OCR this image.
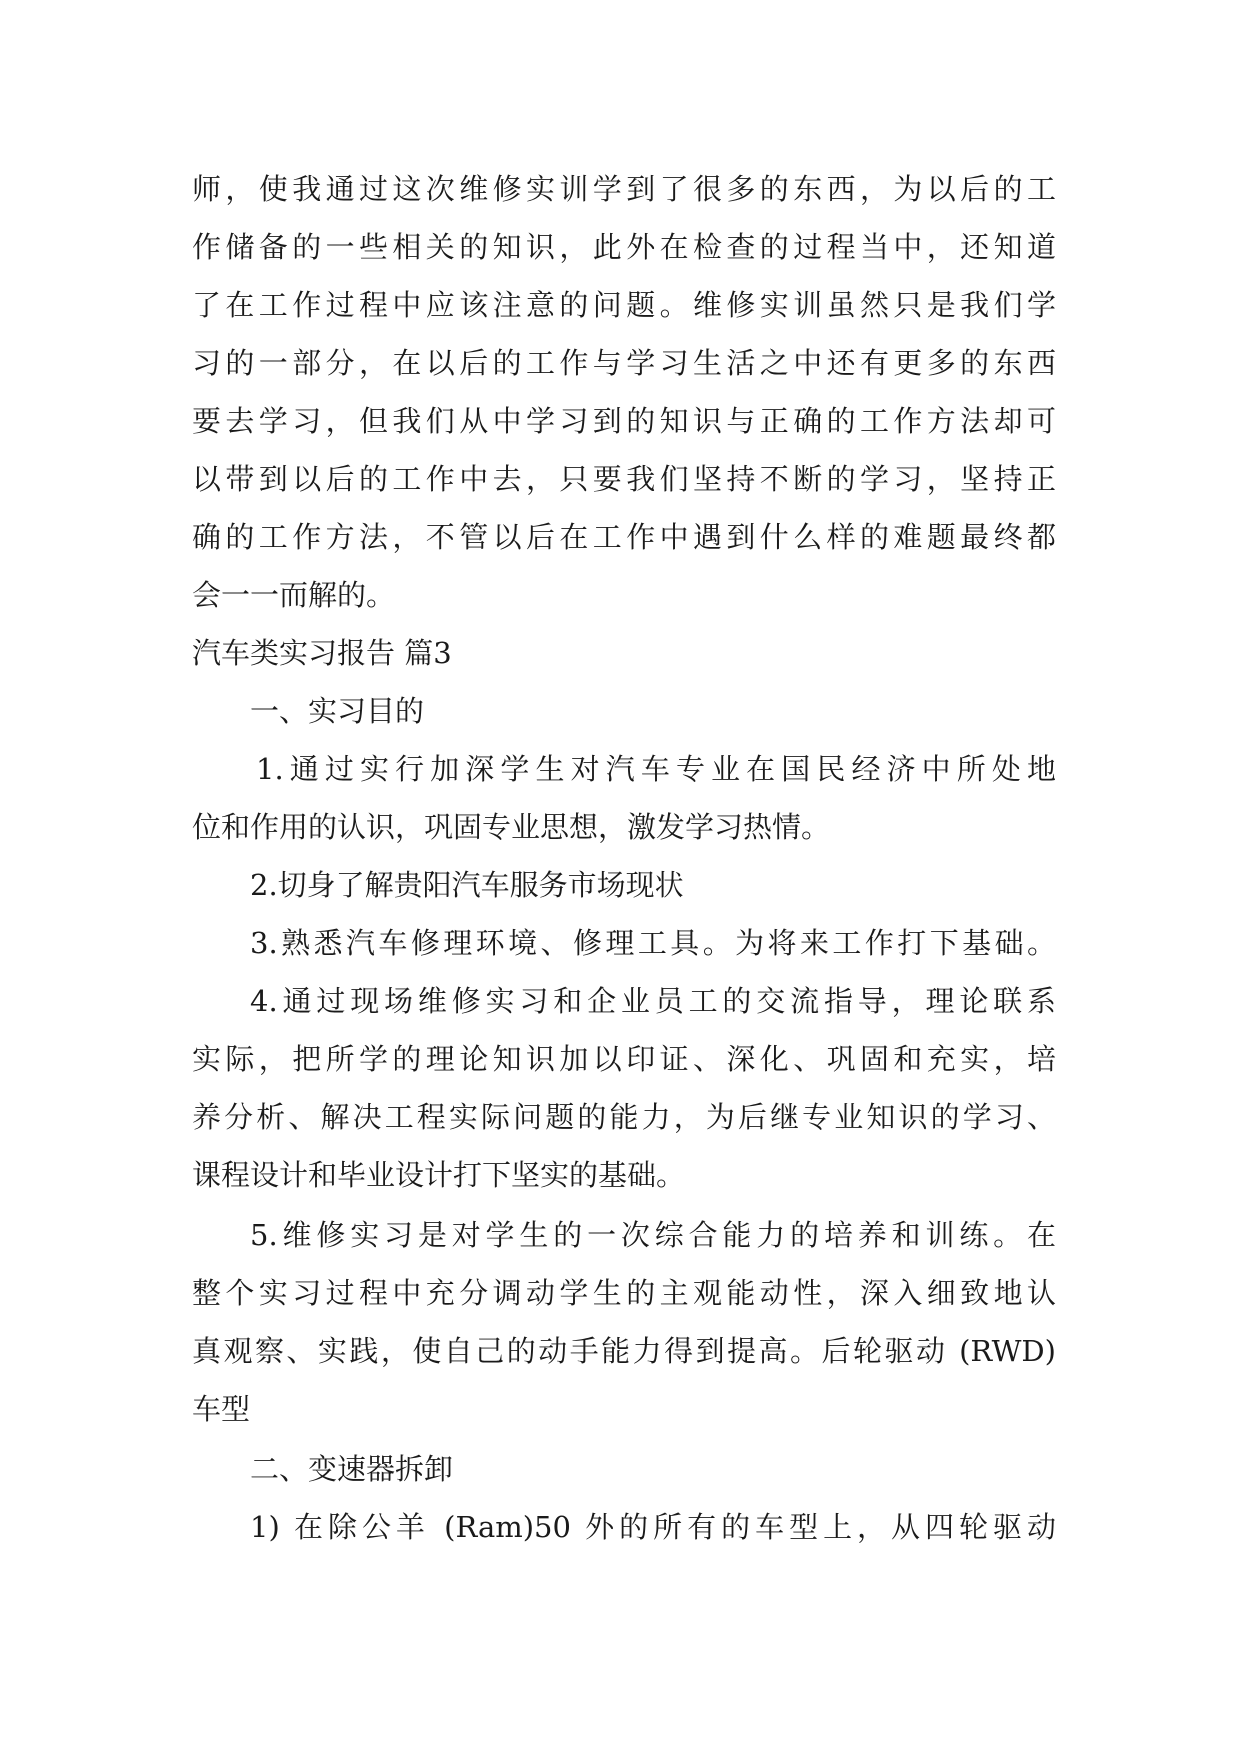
师，使我通过这次维修实训学到了很多的东西，为以后的工
作储备的一些相关的知识，此外在检查的过程当中，还知道
了在工作过程中应该注意的问题。维修实训虽然只是我们学
习的一部分，在以后的工作与学习生活之中还有更多的东西
要去学习，但我们从中学习到的知识与正确的工作方法却可
以带到以后的工作中去，只要我们坚持不断的学习，坚持正
确的工作方法，不管以后在工作中遇到什么样的难题最终都
会一一而解的。
汽车类实习报告 篇3
一、实习目的
1.通过实行加深学生对汽车专业在国民经济中所处地
位和作用的认识，巩固专业思想，激发学习热情。
2.切身了解贵阳汽车服务市场现状
3.熟悉汽车修理环境、修理工具。为将来工作打下基础。
4.通过现场维修实习和企业员工的交流指导，理论联系
实际，把所学的理论知识加以印证、深化、巩固和充实，培
养分析、解决工程实际问题的能力，为后继专业知识的学习、
课程设计和毕业设计打下坚实的基础。
5.维修实习是对学生的一次综合能力的培养和训练。在
整个实习过程中充分调动学生的主观能动性，深入细致地认
真观察、实践，使自己的动手能力得到提高。后轮驱动 (RWD)
车型
二、变速器拆卸
1) 在除公羊 (Ram)50 外的所有的车型上，从四轮驱动
